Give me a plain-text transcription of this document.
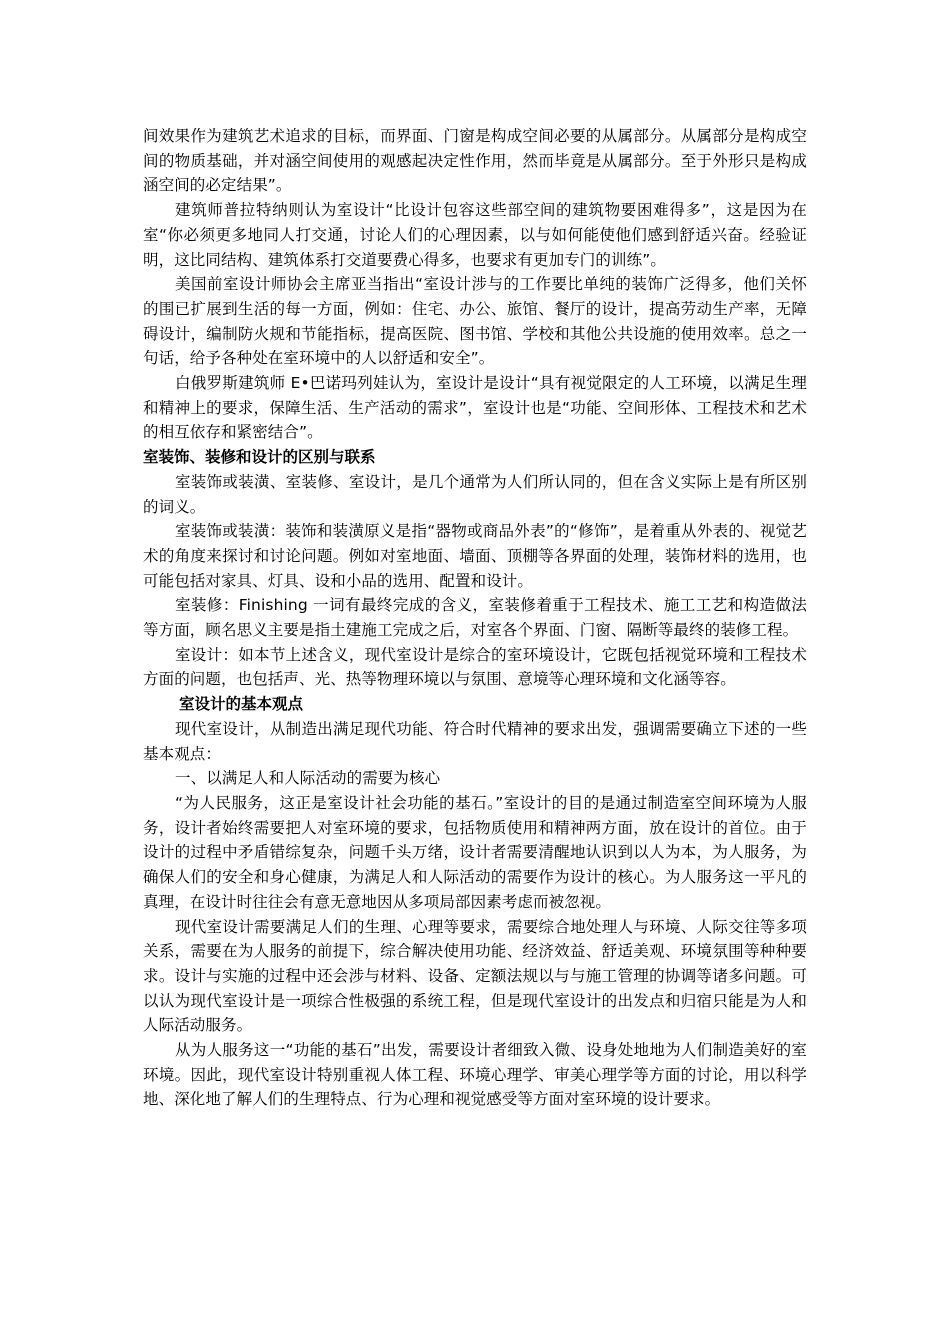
间效果作为建筑艺术追求的目标，而界面、门窗是构成空间必要的从属部分。从属部分是构成空间的物质基础，并对涵空间使用的观感起决定性作用，然而毕竟是从属部分。至于外形只是构成涵空间的必定结果”。

建筑师普拉特纳则认为室设计“比设计包容这些部空间的建筑物要困难得多”，这是因为在室“你必须更多地同人打交通，讨论人们的心理因素，以与如何能使他们感到舒适兴奋。经验证明，这比同结构、建筑体系打交道要费心得多，也要求有更加专门的训练”。

美国前室设计师协会主席亚当指出“室设计涉与的工作要比单纯的装饰广泛得多，他们关怀的围已扩展到生活的每一方面，例如：住宅、办公、旅馆、餐厅的设计，提高劳动生产率，无障碍设计，编制防火规和节能指标，提高医院、图书馆、学校和其他公共设施的使用效率。总之一句话，给予各种处在室环境中的人以舒适和安全”。

白俄罗斯建筑师 E•巴诺玛列娃认为，室设计是设计“具有视觉限定的人工环境，以满足生理和精神上的要求，保障生活、生产活动的需求”，室设计也是“功能、空间形体、工程技术和艺术的相互依存和紧密结合”。

室装饰、装修和设计的区别与联系

室装饰或装潢、室装修、室设计，是几个通常为人们所认同的，但在含义实际上是有所区别的词义。

室装饰或装潢：装饰和装潢原义是指“器物或商品外表”的“修饰”，是着重从外表的、视觉艺术的角度来探讨和讨论问题。例如对室地面、墙面、顶棚等各界面的处理，装饰材料的选用，也可能包括对家具、灯具、设和小品的选用、配置和设计。

室装修：Finishing 一词有最终完成的含义，室装修着重于工程技术、施工工艺和构造做法等方面，顾名思义主要是指土建施工完成之后，对室各个界面、门窗、隔断等最终的装修工程。

室设计：如本节上述含义，现代室设计是综合的室环境设计，它既包括视觉环境和工程技术方面的问题，也包括声、光、热等物理环境以与氛围、意境等心理环境和文化涵等容。

室设计的基本观点

现代室设计，从制造出满足现代功能、符合时代精神的要求出发，强调需要确立下述的一些基本观点：

一、以满足人和人际活动的需要为核心

“为人民服务，这正是室设计社会功能的基石。”室设计的目的是通过制造室空间环境为人服务，设计者始终需要把人对室环境的要求，包括物质使用和精神两方面，放在设计的首位。由于设计的过程中矛盾错综复杂，问题千头万绪，设计者需要清醒地认识到以人为本，为人服务，为确保人们的安全和身心健康，为满足人和人际活动的需要作为设计的核心。为人服务这一平凡的真理，在设计时往往会有意无意地因从多项局部因素考虑而被忽视。

现代室设计需要满足人们的生理、心理等要求，需要综合地处理人与环境、人际交往等多项关系，需要在为人服务的前提下，综合解决使用功能、经济效益、舒适美观、环境氛围等种种要求。设计与实施的过程中还会涉与材料、设备、定额法规以与与施工管理的协调等诸多问题。可以认为现代室设计是一项综合性极强的系统工程，但是现代室设计的出发点和归宿只能是为人和人际活动服务。

从为人服务这一“功能的基石”出发，需要设计者细致入微、设身处地地为人们制造美好的室环境。因此，现代室设计特别重视人体工程、环境心理学、审美心理学等方面的讨论，用以科学地、深化地了解人们的生理特点、行为心理和视觉感受等方面对室环境的设计要求。
